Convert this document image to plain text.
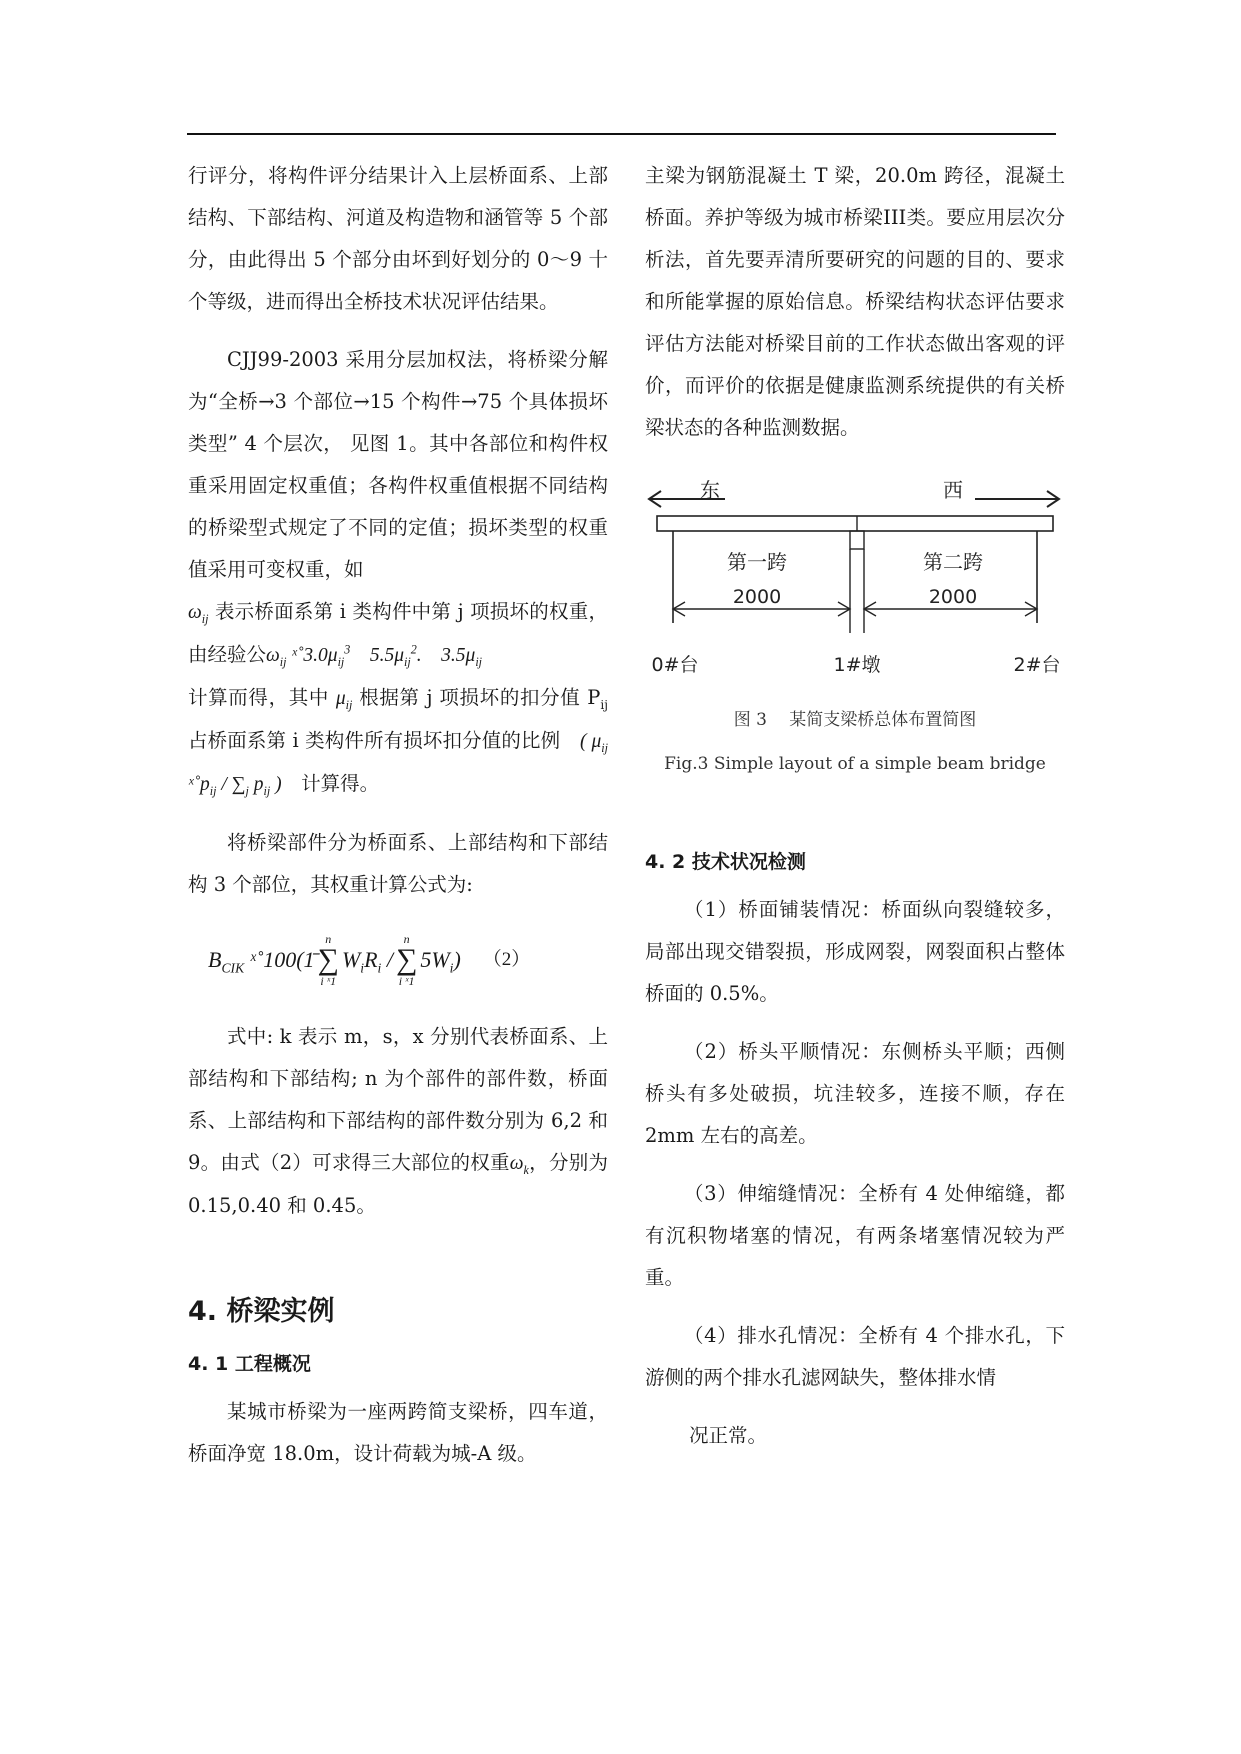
行评分，将构件评分结果计入上层桥面系、上部结构、下部结构、河道及构造物和涵管等 5 个部分，由此得出 5 个部分由坏到好划分的 0～9 十个等级，进而得出全桥技术状况评估结果。

CJJ99-2003 采用分层加权法，将桥梁分解为“全桥→3 个部位→15 个构件→75 个具体损坏类型” 4 个层次， 见图 1。其中各部位和构件权重采用固定权重值；各构件权重值根据不同结构的桥梁型式规定了不同的定值；损坏类型的权重值采用可变权重，如
$\omega_{ij}$ 表示桥面系第 i 类构件中第 j 项损坏的权重，由经验公$\omega_{ij}$ $ˣ˚3.0\mu_{ij}^3$　$5.5\mu_{ij}^2$.　$3.5\mu_{ij}$
计算而得，其中 $\mu_{ij}$ 根据第 j 项损坏的扣分值 $P_{ij}$占桥面系第 i 类构件所有损坏扣分值的比例　 ( $\mu_{ij}$ $ˣ˚p_{ij} / \sum_j$ $p_{ij}$ )　 计算得。

将桥梁部件分为桥面系、上部结构和下部结构 3 个部位，其权重计算公式为:

$B_{CIK}$ ˣ˚100(1̄
n
∑
i ˣ1
$W_iR_i$ /
n
∑
i ˣ1
$5W_i$) （2）

式中: k 表示 m，s，x 分别代表桥面系、上部结构和下部结构; n 为个部件的部件数，桥面系、上部结构和下部结构的部件数分别为 6,2 和 9。由式（2）可求得三大部位的权重$\omega_k$，分别为 0.15,0.40 和 0.45。

4. 桥梁实例
4. 1 工程概况

某城市桥梁为一座两跨简支梁桥，四车道，桥面净宽 18.0m，设计荷载为城-A 级。

主梁为钢筋混凝土 T 梁，20.0m 跨径，混凝土桥面。养护等级为城市桥梁III类。要应用层次分析法，首先要弄清所要研究的问题的目的、要求和所能掌握的原始信息。桥梁结构状态评估要求评估方法能对桥梁目前的工作状态做出客观的评价，而评价的依据是健康监测系统提供的有关桥梁状态的各种监测数据。

东	西
第一跨
2000
第二跨
2000
0#台	1#墩	2#台
图 3　 某简支梁桥总体布置简图
Fig.3 Simple layout of a simple beam bridge
4. 2 技术状况检测

（1）桥面铺装情况：桥面纵向裂缝较多，局部出现交错裂损，形成网裂，网裂面积占整体桥面的 0.5%。

（2）桥头平顺情况：东侧桥头平顺；西侧桥头有多处破损，坑洼较多，连接不顺，存在 2mm 左右的高差。

（3）伸缩缝情况：全桥有 4 处伸缩缝，都有沉积物堵塞的情况，有两条堵塞情况较为严重。

（4）排水孔情况：全桥有 4 个排水孔，下游侧的两个排水孔滤网缺失，整体排水情

况正常。
